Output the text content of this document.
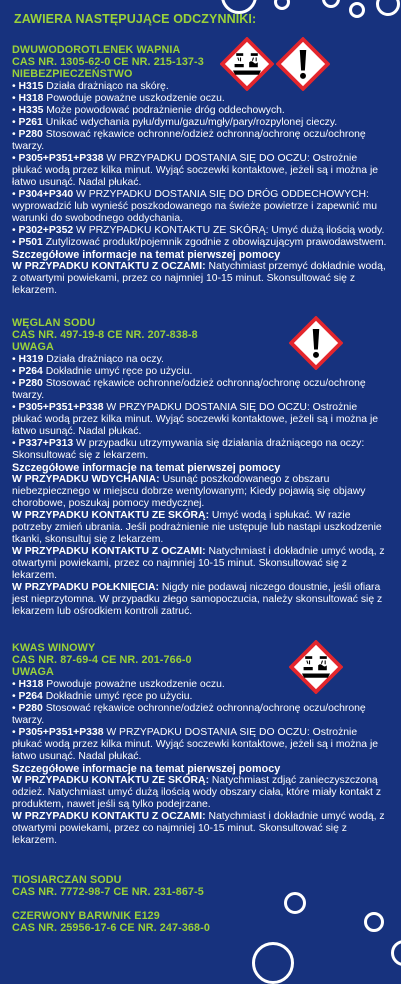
ZAWIERA NASTĘPUJĄCE ODCZYNNIKI:
DWUWODOROTLENEK WAPNIA
CAS NR. 1305-62-0 CE NR. 215-137-3
NIEBEZPIECZEŃSTWO
• H315 Działa drażniąco na skórę.
• H318 Powoduje poważne uszkodzenie oczu.
• H335 Może powodować podrażnienie dróg oddechowych.
• P261 Unikać wdychania pyłu/dymu/gazu/mgły/pary/rozpylonej cieczy.
• P280 Stosować rękawice ochronne/odzież ochronną/ochronę oczu/ochronę twarzy.
• P305+P351+P338 W PRZYPADKU DOSTANIA SIĘ DO OCZU: Ostrożnie płukać wodą przez kilka minut. Wyjąć soczewki kontaktowe, jeżeli są i można je łatwo usunąć. Nadal płukać.
• P304+P340 W PRZYPADKU DOSTANIA SIĘ DO DRÓG ODDECHOWYCH: wyprowadzić lub wynieść poszkodowanego na świeże powietrze i zapewnić mu warunki do swobodnego oddychania.
• P302+P352 W PRZYPADKU KONTAKTU ZE SKÓRĄ: Umyć dużą ilością wody.
• P501 Zutylizować produkt/pojemnik zgodnie z obowiązującym prawodawstwem.
Szczegółowe informacje na temat pierwszej pomocy
W PRZYPADKU KONTAKTU Z OCZAMI: Natychmiast przemyć dokładnie wodą, z otwartymi powiekami, przez co najmniej 10-15 minut. Skonsultować się z lekarzem.
WĘGLAN SODU
CAS NR. 497-19-8 CE NR. 207-838-8
UWAGA
• H319 Działa drażniąco na oczy.
• P264 Dokładnie umyć ręce po użyciu.
• P280 Stosować rękawice ochronne/odzież ochronną/ochronę oczu/ochronę twarzy.
• P305+P351+P338 W PRZYPADKU DOSTANIA SIĘ DO OCZU: Ostrożnie płukać wodą przez kilka minut. Wyjąć soczewki kontaktowe, jeżeli są i można je łatwo usunąć. Nadal płukać.
• P337+P313 W przypadku utrzymywania się działania drażniącego na oczy: Skonsultować się z lekarzem.
Szczegółowe informacje na temat pierwszej pomocy
W PRZYPADKU WDYCHANIA: Usunąć poszkodowanego z obszaru niebezpiecznego w miejscu dobrze wentylowanym; Kiedy pojawią się objawy chorobowe, poszukaj pomocy medycznej.
W PRZYPADKU KONTAKTU ZE SKÓRĄ: Umyć wodą i spłukać. W razie potrzeby zmień ubrania. Jeśli podrażnienie nie ustępuje lub nastąpi uszkodzenie tkanki, skonsultuj się z lekarzem.
W PRZYPADKU KONTAKTU Z OCZAMI: Natychmiast i dokładnie umyć wodą, z otwartymi powiekami, przez co najmniej 10-15 minut. Skonsultować się z lekarzem.
W PRZYPADKU POŁKNIĘCIA: Nigdy nie podawaj niczego doustnie, jeśli ofiara jest nieprzytomna. W przypadku złego samopoczucia, należy skonsultować się z lekarzem lub ośrodkiem kontroli zatruć.
KWAS WINOWY
CAS NR. 87-69-4 CE NR. 201-766-0
UWAGA
• H318 Powoduje poważne uszkodzenie oczu.
• P264 Dokładnie umyć ręce po użyciu.
• P280 Stosować rękawice ochronne/odzież ochronną/ochronę oczu/ochronę twarzy.
• P305+P351+P338 W PRZYPADKU DOSTANIA SIĘ DO OCZU: Ostrożnie płukać wodą przez kilka minut. Wyjąć soczewki kontaktowe, jeżeli są i można je łatwo usunąć. Nadal płukać.
Szczegółowe informacje na temat pierwszej pomocy
W PRZYPADKU KONTAKTU ZE SKÓRĄ: Natychmiast zdjąć zanieczyszczoną odzież. Natychmiast umyć dużą ilością wody obszary ciała, które miały kontakt z produktem, nawet jeśli są tylko podejrzane.
W PRZYPADKU KONTAKTU Z OCZAMI: Natychmiast i dokładnie umyć wodą, z otwartymi powiekami, przez co najmniej 10-15 minut. Skonsultować się z lekarzem.
TIOSIARCZAN SODU
CAS NR. 7772-98-7 CE NR. 231-867-5
CZERWONY BARWNIK E129
CAS NR. 25956-17-6 CE NR. 247-368-0
